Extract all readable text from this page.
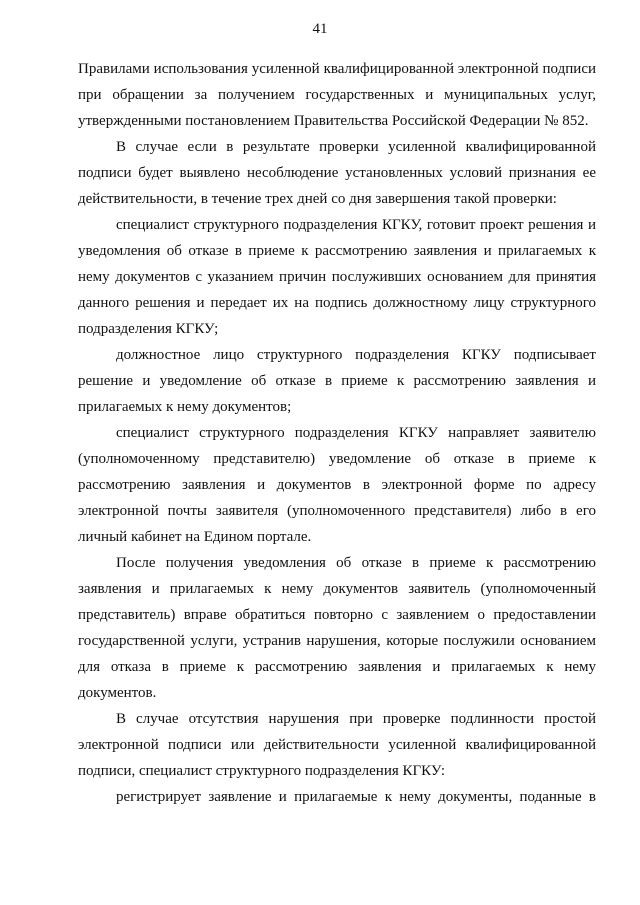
41

Правилами использования усиленной квалифицированной электронной подписи при обращении за получением государственных и муниципальных услуг, утвержденными постановлением Правительства Российской Федерации № 852.

В случае если в результате проверки усиленной квалифицированной подписи будет выявлено несоблюдение установленных условий признания ее действительности, в течение трех дней со дня завершения такой проверки:

специалист структурного подразделения КГКУ, готовит проект решения и уведомления об отказе в приеме к рассмотрению заявления и прилагаемых к нему документов с указанием причин послуживших основанием для принятия данного решения и передает их на подпись должностному лицу структурного подразделения КГКУ;

должностное лицо структурного подразделения КГКУ подписывает решение и уведомление об отказе в приеме к рассмотрению заявления и прилагаемых к нему документов;

специалист структурного подразделения КГКУ направляет заявителю (уполномоченному представителю) уведомление об отказе в приеме к рассмотрению заявления и документов в электронной форме по адресу электронной почты заявителя (уполномоченного представителя) либо в его личный кабинет на Едином портале.

После получения уведомления об отказе в приеме к рассмотрению заявления и прилагаемых к нему документов заявитель (уполномоченный представитель) вправе обратиться повторно с заявлением о предоставлении государственной услуги, устранив нарушения, которые послужили основанием для отказа в приеме к рассмотрению заявления и прилагаемых к нему документов.

В случае отсутствия нарушения при проверке подлинности простой электронной подписи или действительности усиленной квалифицированной подписи, специалист структурного подразделения КГКУ:

регистрирует заявление и прилагаемые к нему документы, поданные в
